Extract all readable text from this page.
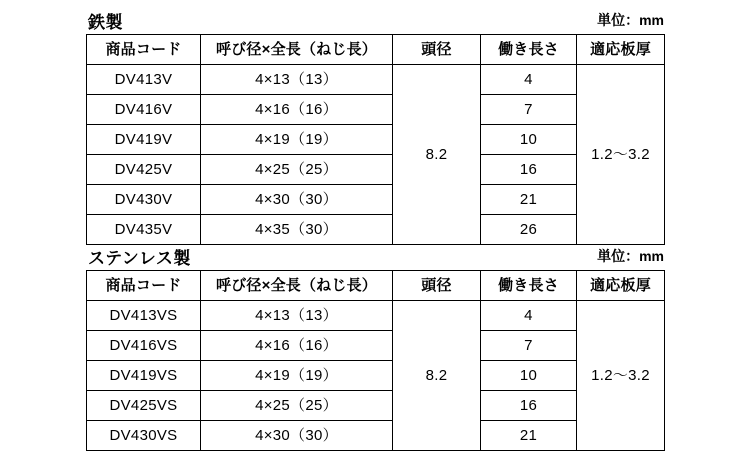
鉄製	単位：mm
商品コード	呼び径×全長（ねじ長）	頭径	働き長さ	適応板厚
DV413V	4×13（13）	8.2	4	1.2～3.2
DV416V	4×16（16）		7	
DV419V	4×19（19）		10	
DV425V	4×25（25）		16	
DV430V	4×30（30）		21	
DV435V	4×35（30）		26	
ステンレス製	単位：mm
商品コード	呼び径×全長（ねじ長）	頭径	働き長さ	適応板厚
DV413VS	4×13（13）	8.2	4	1.2～3.2
DV416VS	4×16（16）		7	
DV419VS	4×19（19）		10	
DV425VS	4×25（25）		16	
DV430VS	4×30（30）		21	
